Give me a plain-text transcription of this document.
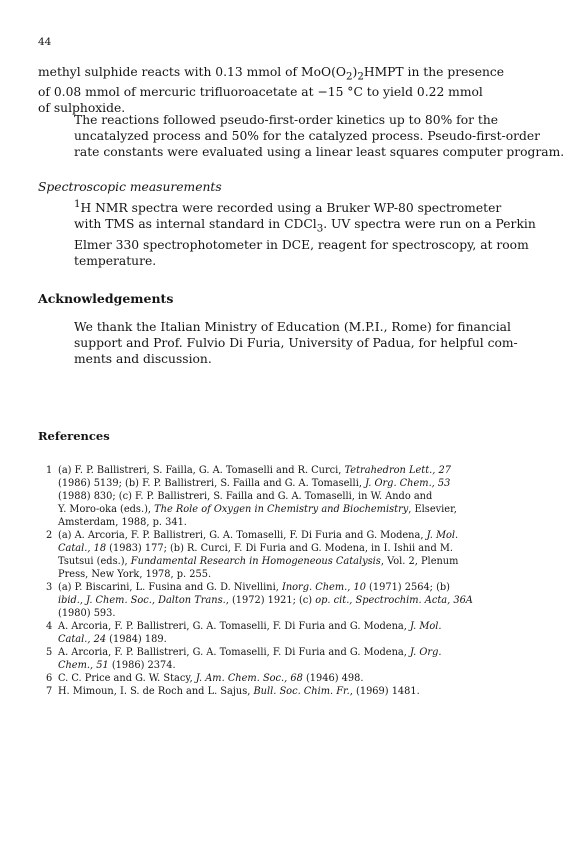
44
methyl sulphide reacts with 0.13 mmol of $MoO(O_2)_2HMPT$ in the presence
of 0.08 mmol of mercuric trifluoroacetate at −15 °C to yield 0.22 mmol
of sulphoxide.
The reactions followed pseudo-first-order kinetics up to 80% for the
uncatalyzed process and 50% for the catalyzed process. Pseudo-first-order
rate constants were evaluated using a linear least squares computer program.
Spectroscopic measurements
$^1$H NMR spectra were recorded using a Bruker WP-80 spectrometer
with TMS as internal standard in CDCl$_3$. UV spectra were run on a Perkin
Elmer 330 spectrophotometer in DCE, reagent for spectroscopy, at room
temperature.
Acknowledgements
We thank the Italian Ministry of Education (M.P.I., Rome) for financial
support and Prof. Fulvio Di Furia, University of Padua, for helpful com-
ments and discussion.
References
1 (a) F. P. Ballistreri, S. Failla, G. A. Tomaselli and R. Curci, Tetrahedron Lett., 27
(1986) 5139; (b) F. P. Ballistreri, S. Failla and G. A. Tomaselli, J. Org. Chem., 53
(1988) 830; (c) F. P. Ballistreri, S. Failla and G. A. Tomaselli, in W. Ando and
Y. Moro-oka (eds.), The Role of Oxygen in Chemistry and Biochemistry, Elsevier,
Amsterdam, 1988, p. 341.
2 (a) A. Arcoria, F. P. Ballistreri, G. A. Tomaselli, F. Di Furia and G. Modena, J. Mol.
Catal., 18 (1983) 177; (b) R. Curci, F. Di Furia and G. Modena, in I. Ishii and M.
Tsutsui (eds.), Fundamental Research in Homogeneous Catalysis, Vol. 2, Plenum
Press, New York, 1978, p. 255.
3 (a) P. Biscarini, L. Fusina and G. D. Nivellini, Inorg. Chem., 10 (1971) 2564; (b)
ibid., J. Chem. Soc., Dalton Trans., (1972) 1921; (c) op. cit., Spectrochim. Acta, 36A
(1980) 593.
4 A. Arcoria, F. P. Ballistreri, G. A. Tomaselli, F. Di Furia and G. Modena, J. Mol.
Catal., 24 (1984) 189.
5 A. Arcoria, F. P. Ballistreri, G. A. Tomaselli, F. Di Furia and G. Modena, J. Org.
Chem., 51 (1986) 2374.
6 C. C. Price and G. W. Stacy, J. Am. Chem. Soc., 68 (1946) 498.
7 H. Mimoun, I. S. de Roch and L. Sajus, Bull. Soc. Chim. Fr., (1969) 1481.
